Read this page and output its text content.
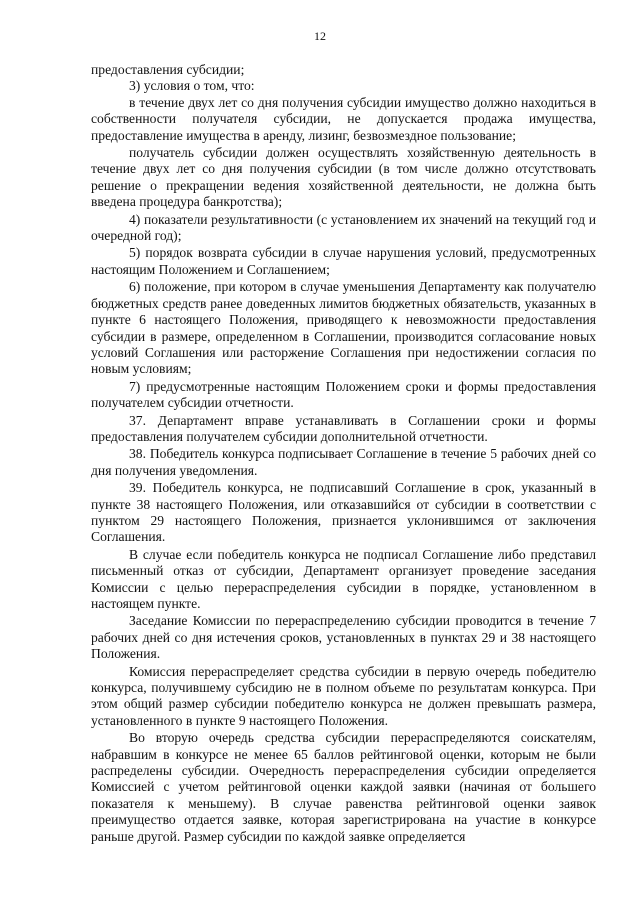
12

предоставления субсидии;

3) условия о том, что:

в течение двух лет со дня получения субсидии имущество должно находиться в собственности получателя субсидии, не допускается продажа имущества, предоставление имущества в аренду, лизинг, безвозмездное пользование;

получатель субсидии должен осуществлять хозяйственную деятельность в течение двух лет со дня получения субсидии (в том числе должно отсутствовать решение о прекращении ведения хозяйственной деятельности, не должна быть введена процедура банкротства);

4) показатели результативности (с установлением их значений на текущий год и очередной год);

5) порядок возврата субсидии в случае нарушения условий, предусмотренных настоящим Положением и Соглашением;

6) положение, при котором в случае уменьшения Департаменту как получателю бюджетных средств ранее доведенных лимитов бюджетных обязательств, указанных в пункте 6 настоящего Положения, приводящего к невозможности предоставления субсидии в размере, определенном в Соглашении, производится согласование новых условий Соглашения или расторжение Соглашения при недостижении согласия по новым условиям;

7) предусмотренные настоящим Положением сроки и формы предоставления получателем субсидии отчетности.

37. Департамент вправе устанавливать в Соглашении сроки и формы предоставления получателем субсидии дополнительной отчетности.

38. Победитель конкурса подписывает Соглашение в течение 5 рабочих дней со дня получения уведомления.

39. Победитель конкурса, не подписавший Соглашение в срок, указанный в пункте 38 настоящего Положения, или отказавшийся от субсидии в соответствии с пунктом 29 настоящего Положения, признается уклонившимся от заключения Соглашения.

В случае если победитель конкурса не подписал Соглашение либо представил письменный отказ от субсидии, Департамент организует проведение заседания Комиссии с целью перераспределения субсидии в порядке, установленном в настоящем пункте.

Заседание Комиссии по перераспределению субсидии проводится в течение 7 рабочих дней со дня истечения сроков, установленных в пунктах 29 и 38 настоящего Положения.

Комиссия перераспределяет средства субсидии в первую очередь победителю конкурса, получившему субсидию не в полном объеме по результатам конкурса. При этом общий размер субсидии победителю конкурса не должен превышать размера, установленного в пункте 9 настоящего Положения.

Во вторую очередь средства субсидии перераспределяются соискателям, набравшим в конкурсе не менее 65 баллов рейтинговой оценки, которым не были распределены субсидии. Очередность перераспределения субсидии определяется Комиссией с учетом рейтинговой оценки каждой заявки (начиная от большего показателя к меньшему). В случае равенства рейтинговой оценки заявок преимущество отдается заявке, которая зарегистрирована на участие в конкурсе раньше другой. Размер субсидии по каждой заявке определяется
